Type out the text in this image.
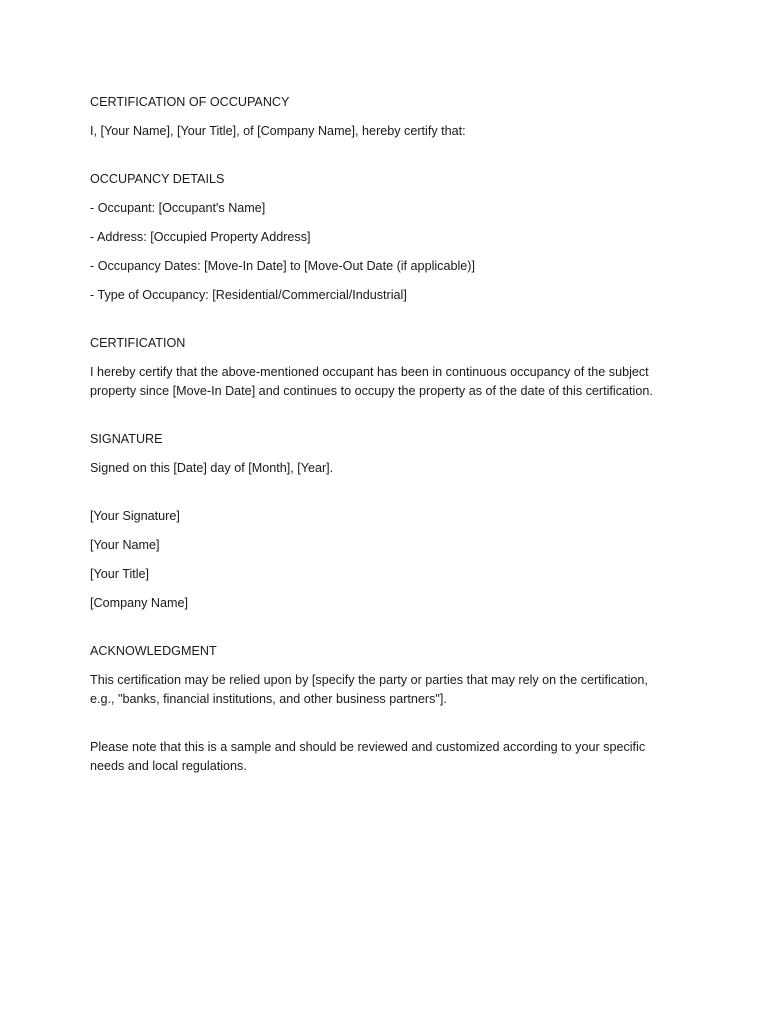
CERTIFICATION OF OCCUPANCY

I, [Your Name], [Your Title], of [Company Name], hereby certify that:

OCCUPANCY DETAILS

- Occupant: [Occupant's Name]

- Address: [Occupied Property Address]

- Occupancy Dates: [Move-In Date] to [Move-Out Date (if applicable)]

- Type of Occupancy: [Residential/Commercial/Industrial]

CERTIFICATION

I hereby certify that the above-mentioned occupant has been in continuous occupancy of the subject property since [Move-In Date] and continues to occupy the property as of the date of this certification.

SIGNATURE

Signed on this [Date] day of [Month], [Year].

[Your Signature]

[Your Name]

[Your Title]

[Company Name]

ACKNOWLEDGMENT

This certification may be relied upon by [specify the party or parties that may rely on the certification, e.g., "banks, financial institutions, and other business partners"].

Please note that this is a sample and should be reviewed and customized according to your specific needs and local regulations.
